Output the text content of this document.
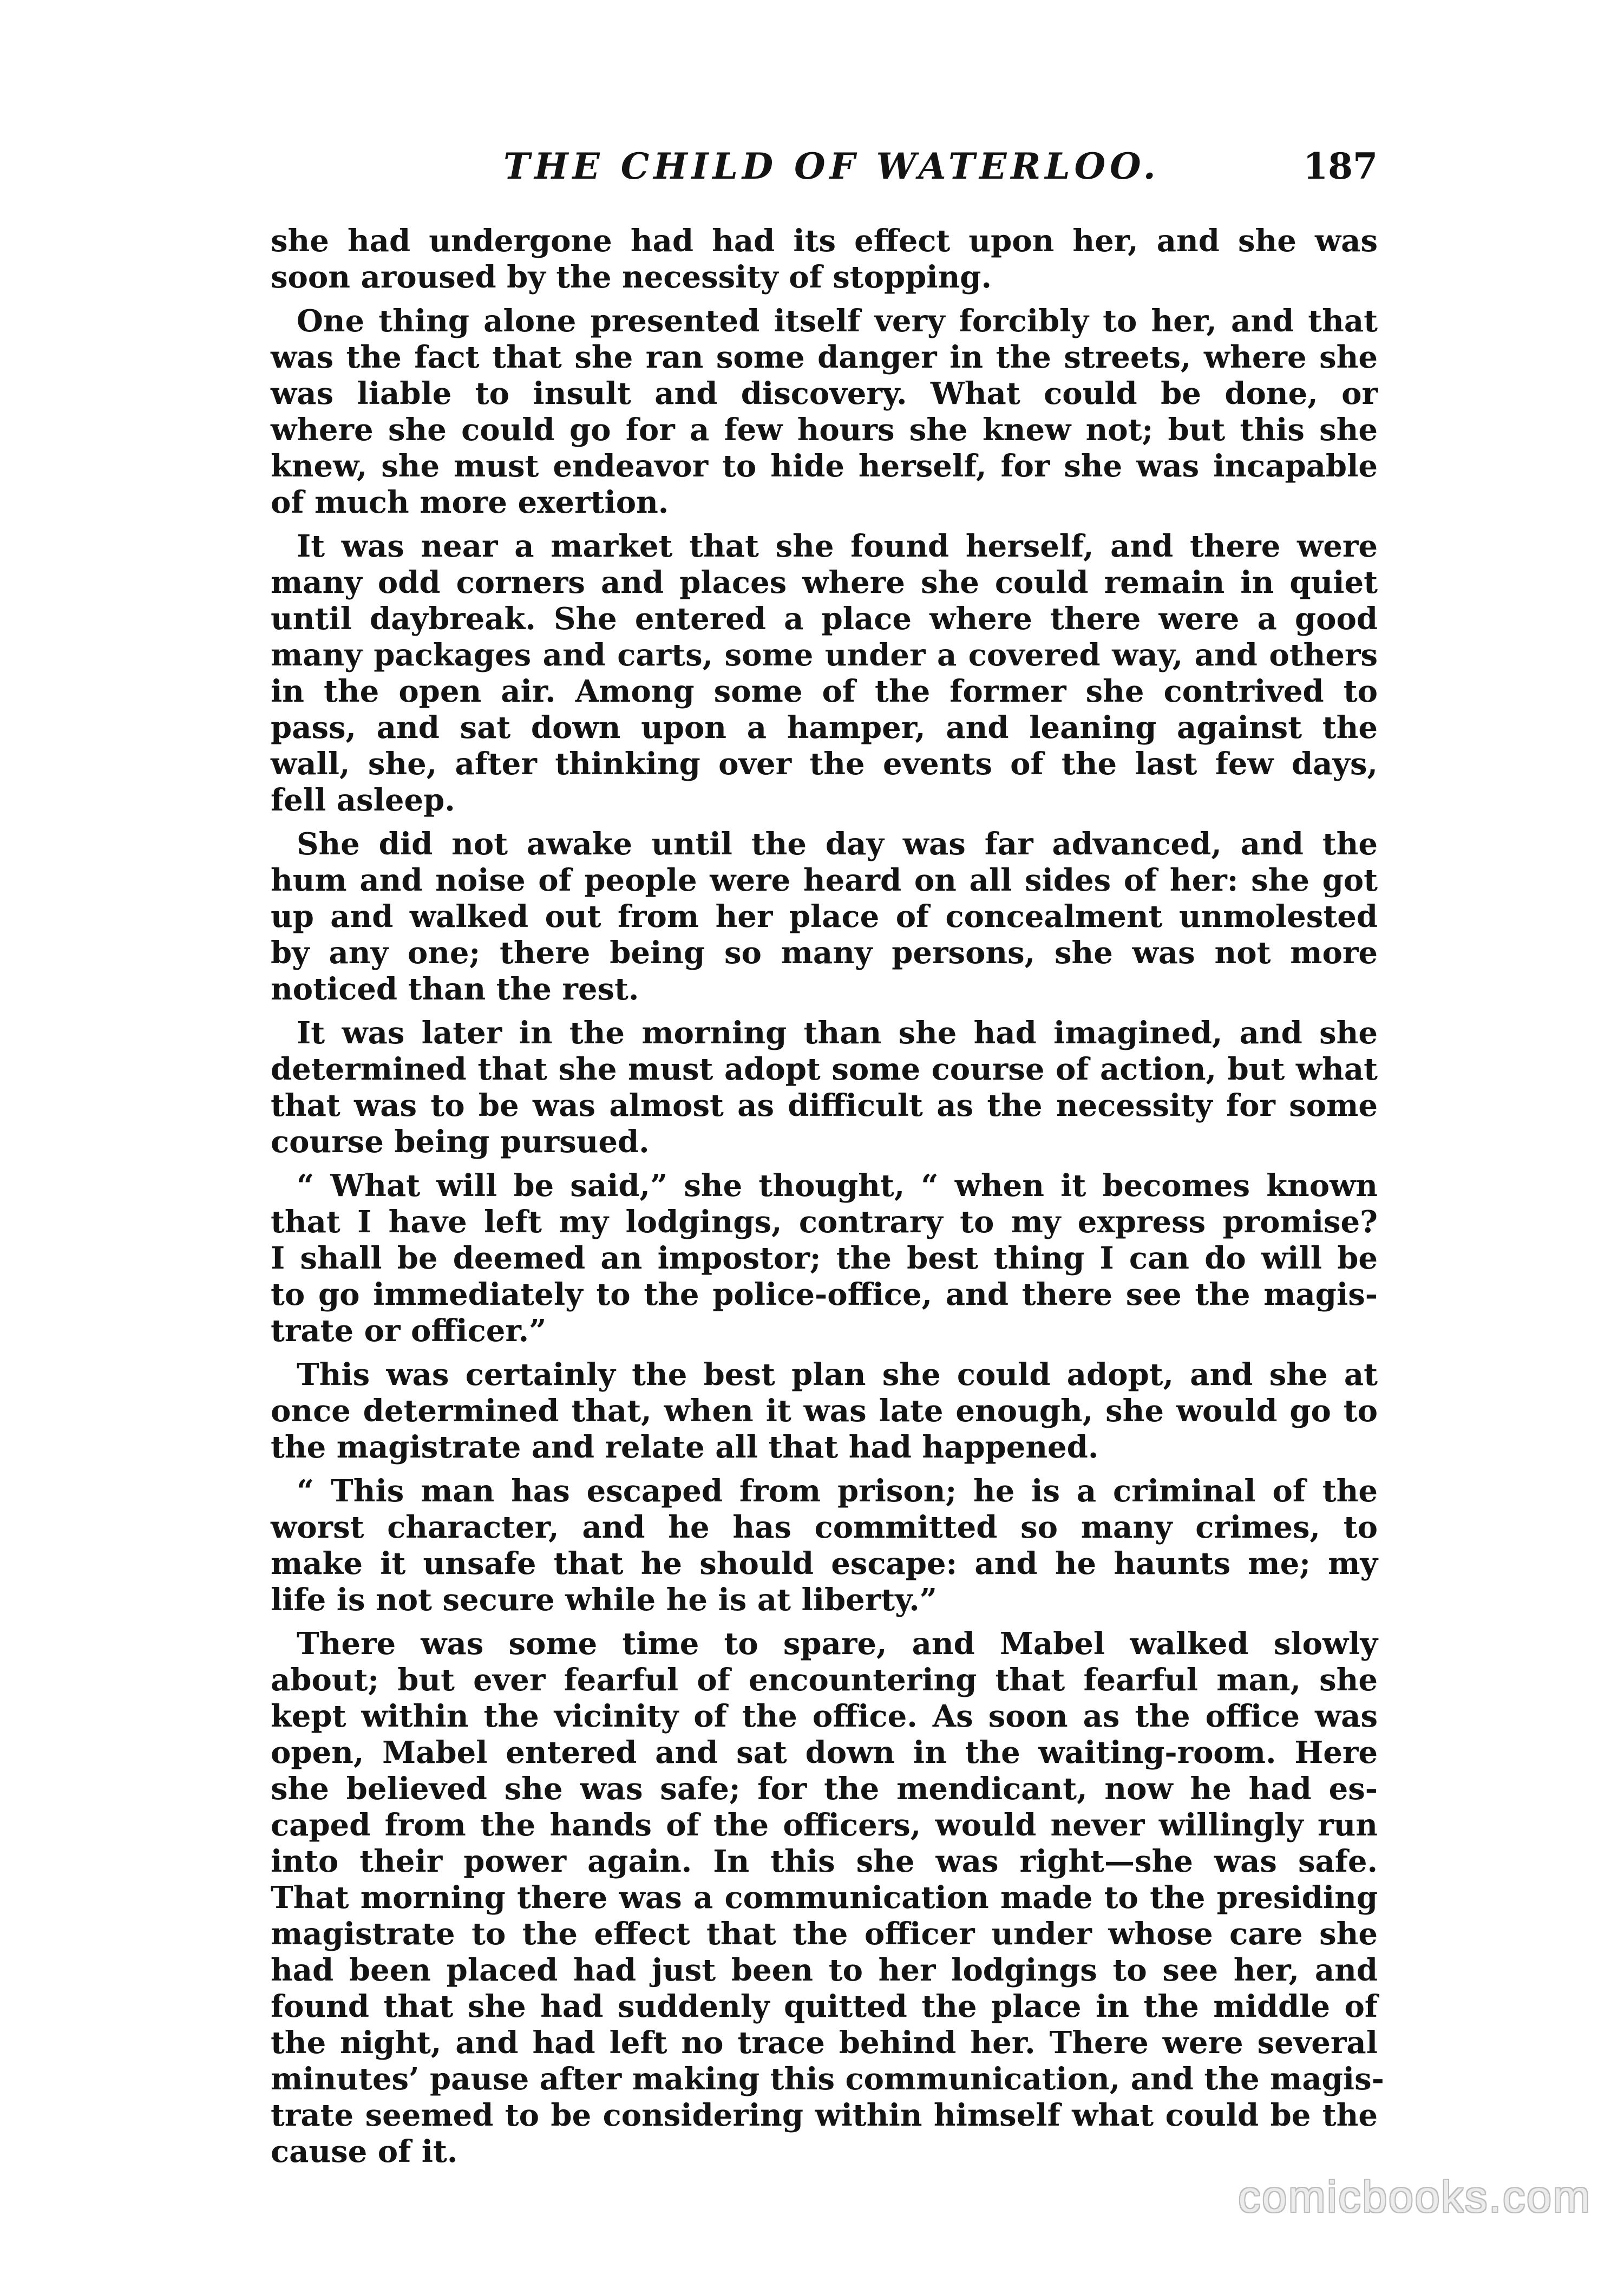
THE CHILD OF WATERLOO.	187
she had undergone had had its effect upon her, and she was
soon aroused by the necessity of stopping.
One thing alone presented itself very forcibly to her, and that
was the fact that she ran some danger in the streets, where she
was liable to insult and discovery. What could be done, or
where she could go for a few hours she knew not; but this she
knew, she must endeavor to hide herself, for she was incapable
of much more exertion.
It was near a market that she found herself, and there were
many odd corners and places where she could remain in quiet
until daybreak. She entered a place where there were a good
many packages and carts, some under a covered way, and others
in the open air. Among some of the former she contrived to
pass, and sat down upon a hamper, and leaning against the
wall, she, after thinking over the events of the last few days,
fell asleep.
She did not awake until the day was far advanced, and the
hum and noise of people were heard on all sides of her: she got
up and walked out from her place of concealment unmolested
by any one; there being so many persons, she was not more
noticed than the rest.
It was later in the morning than she had imagined, and she
determined that she must adopt some course of action, but what
that was to be was almost as difficult as the necessity for some
course being pursued.
“ What will be said,” she thought, “ when it becomes known
that I have left my lodgings, contrary to my express promise?
I shall be deemed an impostor; the best thing I can do will be
to go immediately to the police-office, and there see the magis-
trate or officer.”
This was certainly the best plan she could adopt, and she at
once determined that, when it was late enough, she would go to
the magistrate and relate all that had happened.
“ This man has escaped from prison; he is a criminal of the
worst character, and he has committed so many crimes, to
make it unsafe that he should escape: and he haunts me; my
life is not secure while he is at liberty.”
There was some time to spare, and Mabel walked slowly
about; but ever fearful of encountering that fearful man, she
kept within the vicinity of the office. As soon as the office was
open, Mabel entered and sat down in the waiting-room. Here
she believed she was safe; for the mendicant, now he had es-
caped from the hands of the officers, would never willingly run
into their power again. In this she was right—she was safe.
That morning there was a communication made to the presiding
magistrate to the effect that the officer under whose care she
had been placed had just been to her lodgings to see her, and
found that she had suddenly quitted the place in the middle of
the night, and had left no trace behind her. There were several
minutes’ pause after making this communication, and the magis-
trate seemed to be considering within himself what could be the
cause of it.
comicbooks.com
